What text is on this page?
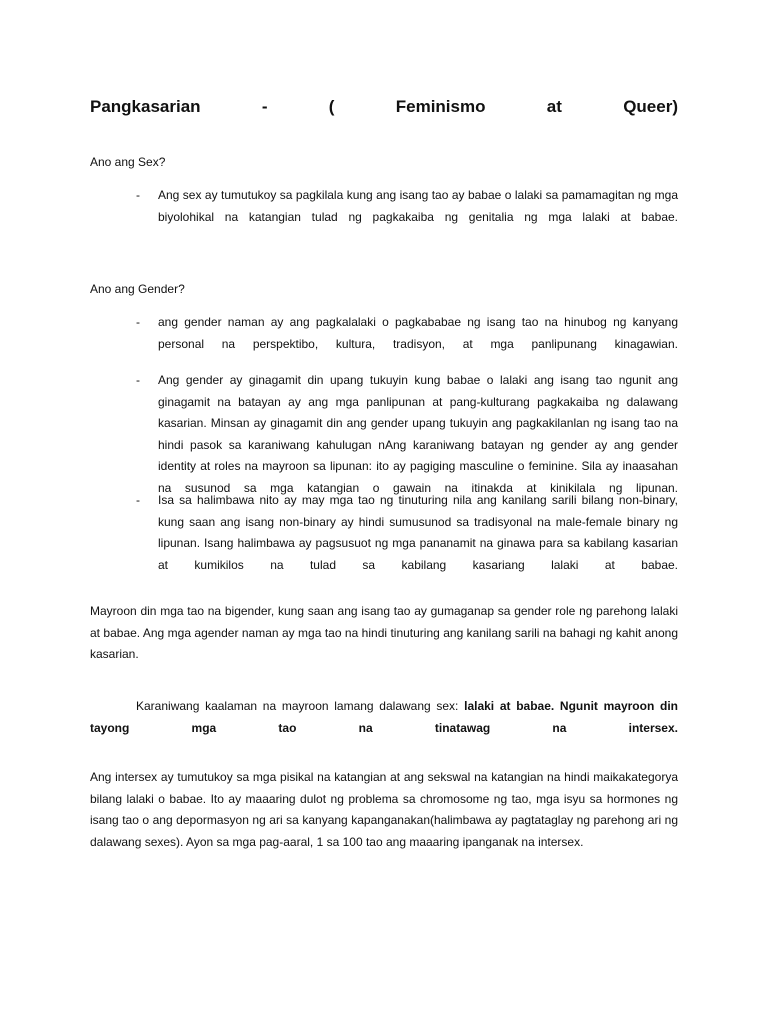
Pangkasarian	-	(	Feminismo	at	Queer)
Ano ang Sex?
-	Ang sex ay tumutukoy sa pagkilala kung ang isang tao ay babae o lalaki sa pamamagitan ng mga biyolohikal na katangian tulad ng pagkakaiba ng genitalia ng mga lalaki at babae.
Ano ang Gender?
-	ang gender naman ay ang pagkalalaki o pagkababae ng isang tao na hinubog ng kanyang personal na perspektibo, kultura, tradisyon, at mga panlipunang kinagawian.
-	Ang gender ay ginagamit din upang tukuyin kung babae o lalaki ang isang tao ngunit ang ginagamit na batayan ay ang mga panlipunan at pang-kulturang pagkakaiba ng dalawang kasarian. Minsan ay ginagamit din ang gender upang tukuyin ang pagkakilanlan ng isang tao na hindi pasok sa karaniwang kahulugan nAng karaniwang batayan ng gender ay ang gender identity at roles na mayroon sa lipunan: ito ay pagiging masculine o feminine. Sila ay inaasahan na susunod sa mga katangian o gawain na itinakda at kinikilala ng lipunan.
-	Isa sa halimbawa nito ay may mga tao ng tinuturing nila ang kanilang sarili bilang non-binary, kung saan ang isang non-binary ay hindi sumusunod sa tradisyonal na male-female binary ng lipunan. Isang halimbawa ay pagsusuot ng mga pananamit na ginawa para sa kabilang kasarian at kumikilos na tulad sa kabilang kasariang lalaki at babae.
Mayroon din mga tao na bigender, kung saan ang isang tao ay gumaganap sa gender role ng parehong lalaki at babae. Ang mga agender naman ay mga tao na hindi tinuturing ang kanilang sarili na bahagi ng kahit anong kasarian.
Karaniwang kaalaman na mayroon lamang dalawang sex: lalaki at babae. Ngunit mayroon din tayong mga tao na tinatawag na intersex.
Ang intersex ay tumutukoy sa mga pisikal na katangian at ang sekswal na katangian na hindi maikakategorya bilang lalaki o babae. Ito ay maaaring dulot ng problema sa chromosome ng tao, mga isyu sa hormones ng isang tao o ang depormasyon ng ari sa kanyang kapanganakan(halimbawa ay pagtataglay ng parehong ari ng dalawang sexes). Ayon sa mga pag-aaral, 1 sa 100 tao ang maaaring ipanganak na intersex.
